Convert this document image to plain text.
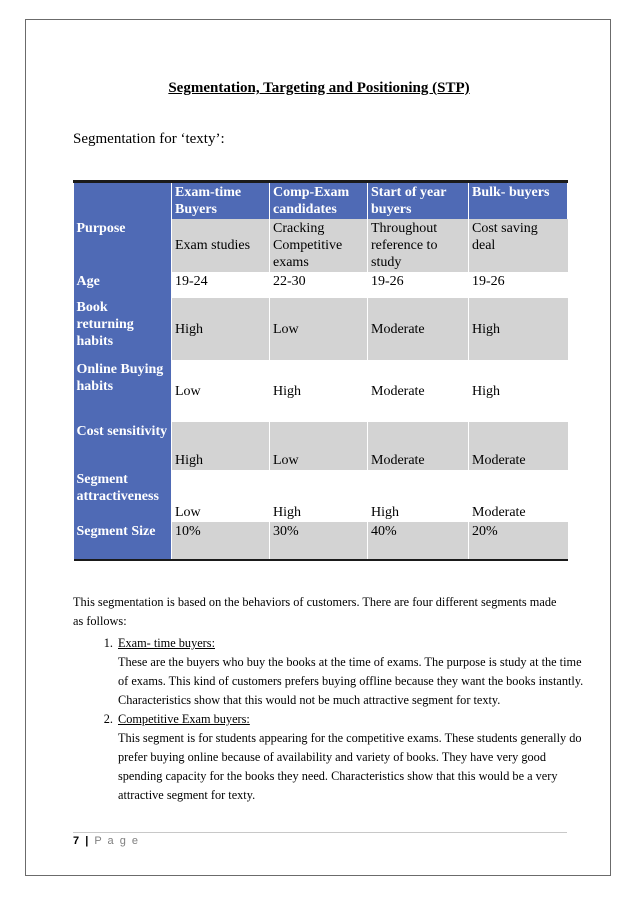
Segmentation, Targeting and Positioning (STP)
Segmentation for ‘texty’:
	Exam-time Buyers	Comp-Exam candidates	Start of year buyers	Bulk- buyers
Purpose	Exam studies	Cracking Competitive exams	Throughout reference to study	Cost saving deal
Age	19-24	22-30	19-26	19-26
Book returning habits	High	Low	Moderate	High
Online Buying habits	Low	High	Moderate	High
Cost sensitivity	High	Low	Moderate	Moderate
Segment attractiveness	Low	High	High	Moderate
Segment Size	10%	30%	40%	20%
This segmentation is based on the behaviors of customers. There are four different segments made as follows:
1. Exam- time buyers:
These are the buyers who buy the books at the time of exams. The purpose is study at the time of exams. This kind of customers prefers buying offline because they want the books instantly. Characteristics show that this would not be much attractive segment for texty.
2. Competitive Exam buyers:
This segment is for students appearing for the competitive exams. These students generally do prefer buying online because of availability and variety of books. They have very good spending capacity for the books they need. Characteristics show that this would be a very attractive segment for texty.
7 | P a g e
